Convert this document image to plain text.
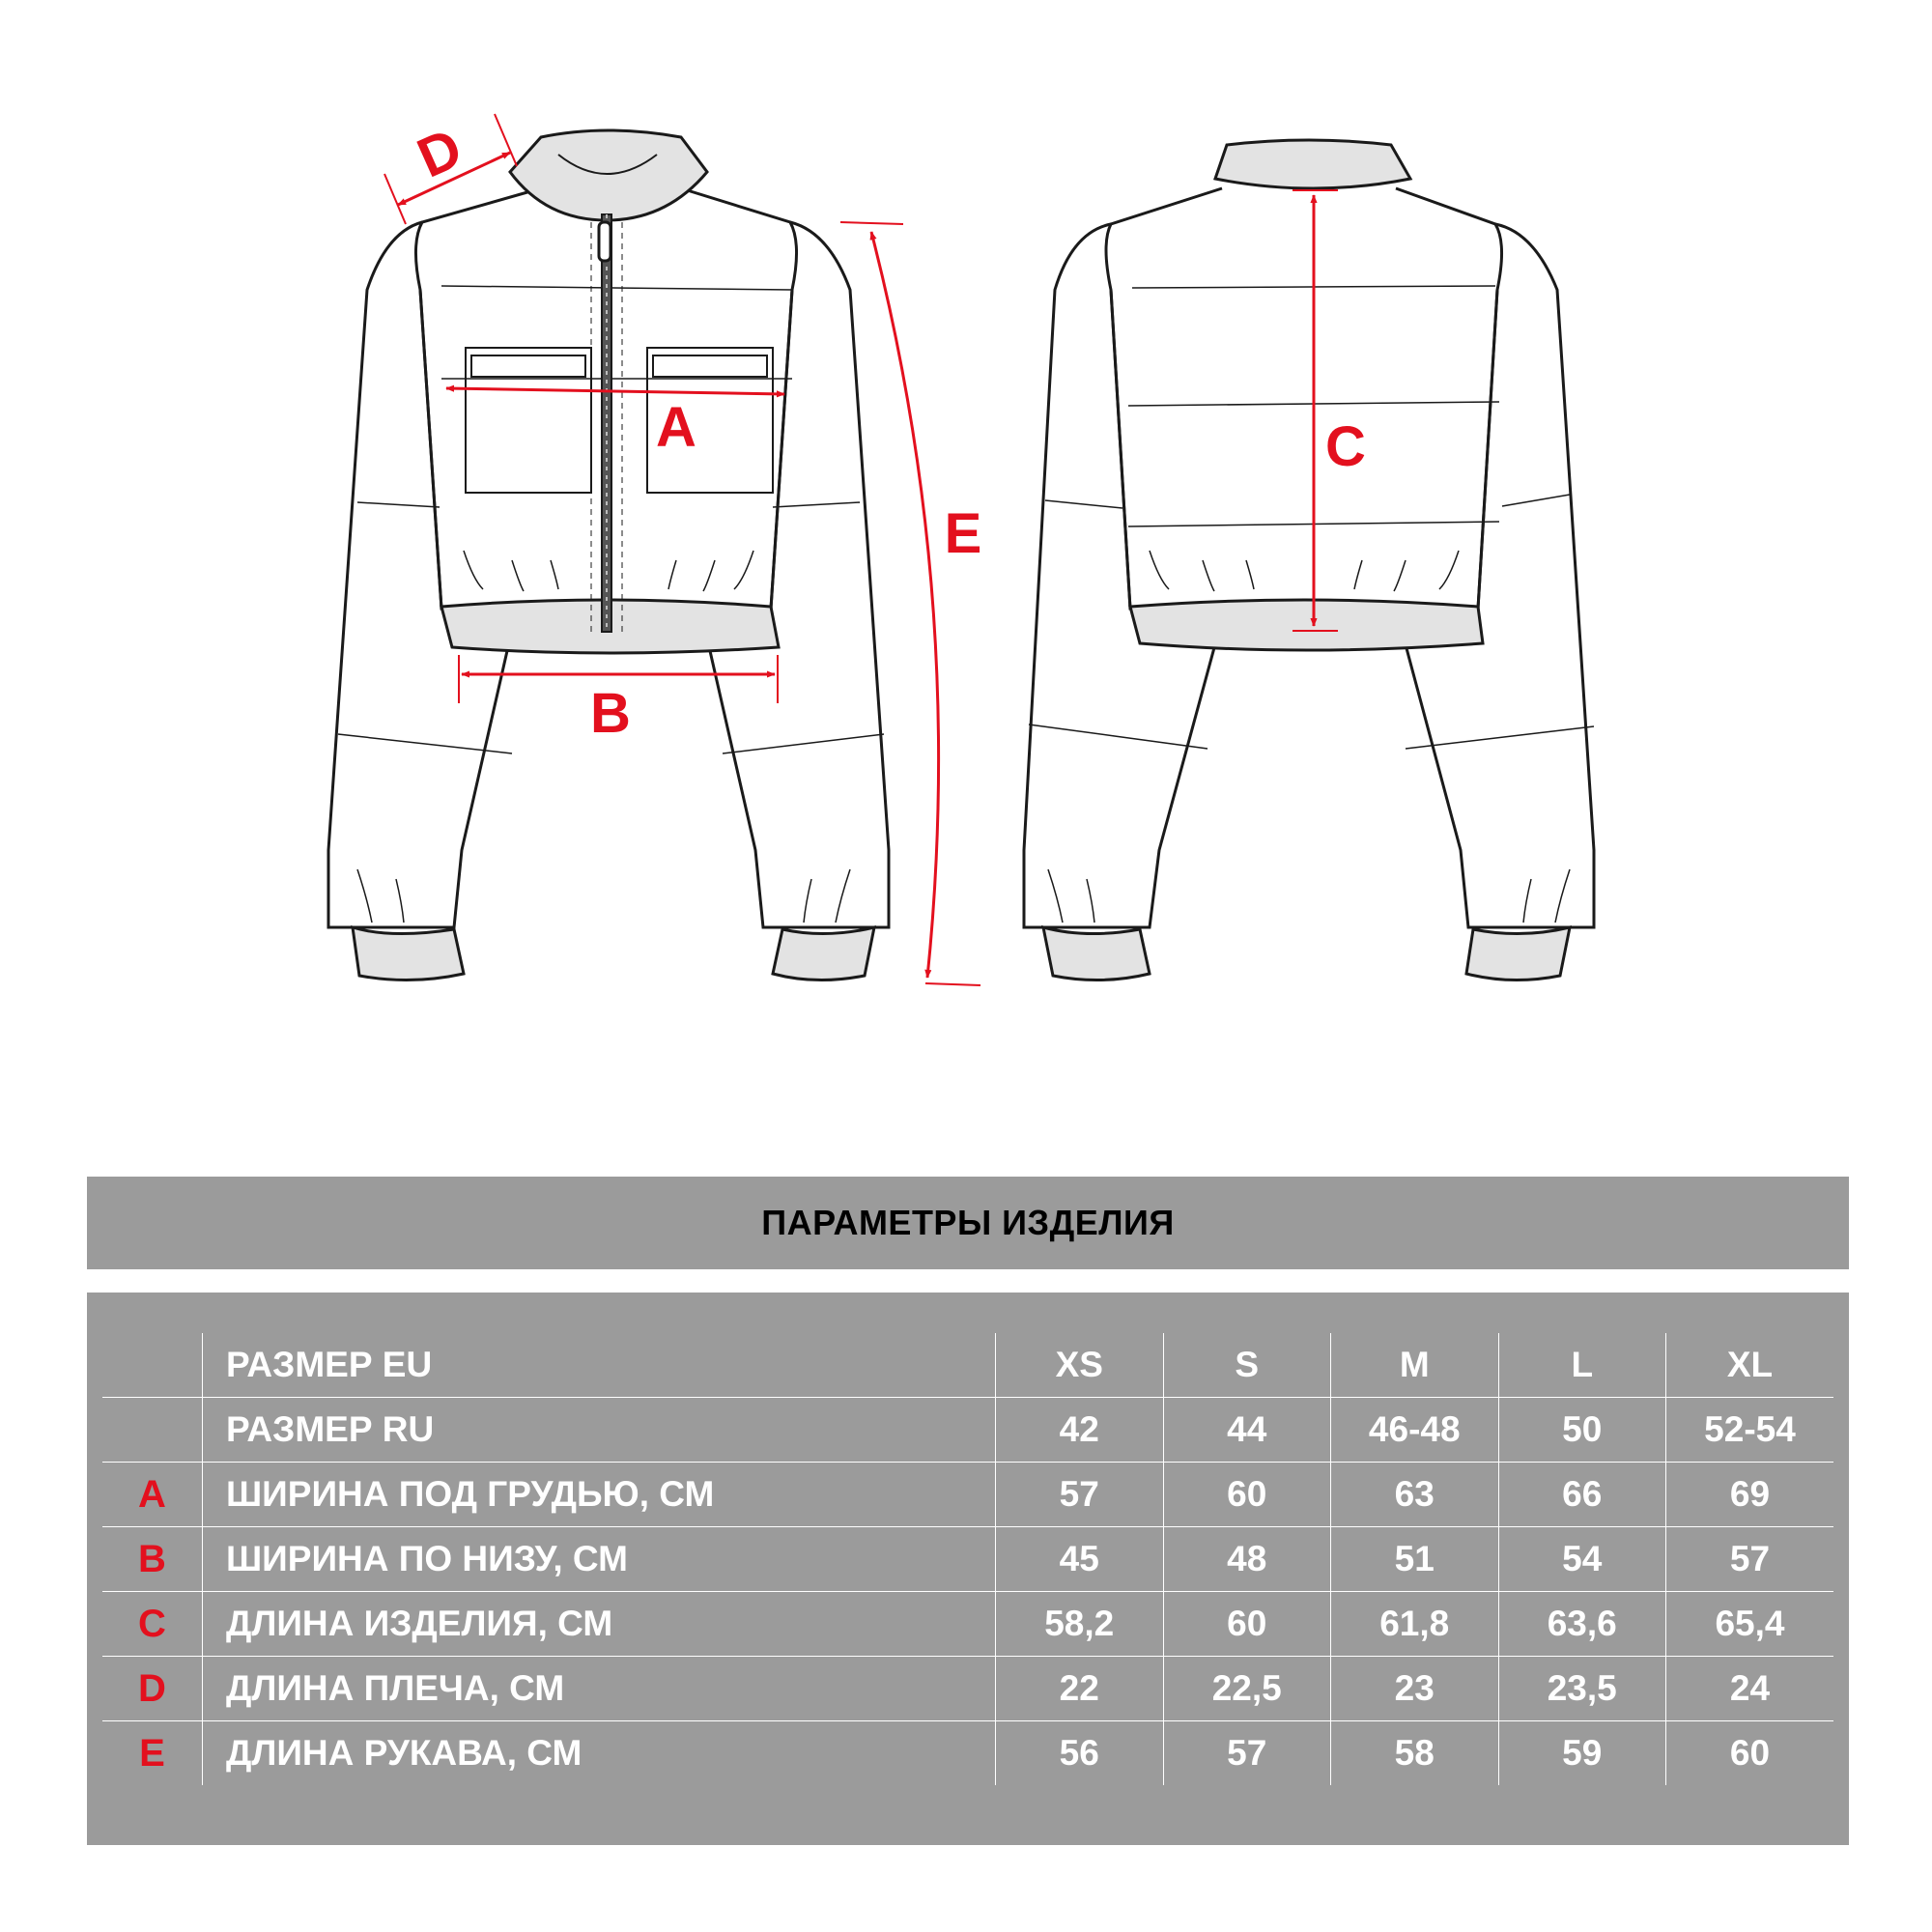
A
B
C
D
E
ПАРАМЕТРЫ ИЗДЕЛИЯ
	РАЗМЕР EU	XS	S	M	L	XL
	РАЗМЕР RU	42	44	46-48	50	52-54
A	ШИРИНА ПОД ГРУДЬЮ, СМ	57	60	63	66	69
B	ШИРИНА ПО НИЗУ, СМ	45	48	51	54	57
C	ДЛИНА ИЗДЕЛИЯ, СМ	58,2	60	61,8	63,6	65,4
D	ДЛИНА ПЛЕЧА, СМ	22	22,5	23	23,5	24
E	ДЛИНА РУКАВА, СМ	56	57	58	59	60
